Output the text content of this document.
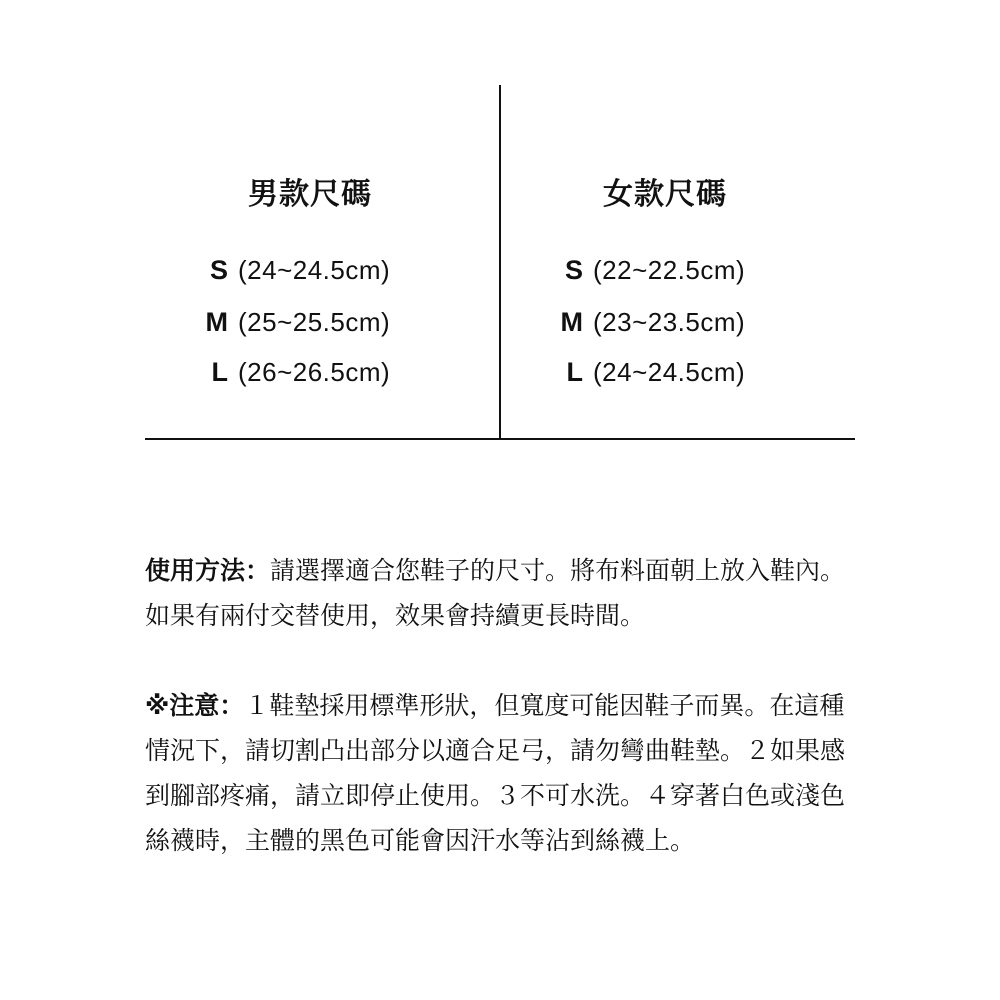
男款尺碼
S (24~24.5cm)
M (25~25.5cm)
L (26~26.5cm)
女款尺碼
S (22~22.5cm)
M (23~23.5cm)
L (24~24.5cm)

使用方法：請選擇適合您鞋子的尺寸。將布料面朝上放入鞋內。如果有兩付交替使用，效果會持續更長時間。

※注意：１鞋墊採用標準形狀，但寬度可能因鞋子而異。在這種情況下，請切割凸出部分以適合足弓，請勿彎曲鞋墊。２如果感到腳部疼痛，請立即停止使用。３不可水洗。４穿著白色或淺色絲襪時，主體的黑色可能會因汗水等沾到絲襪上。
